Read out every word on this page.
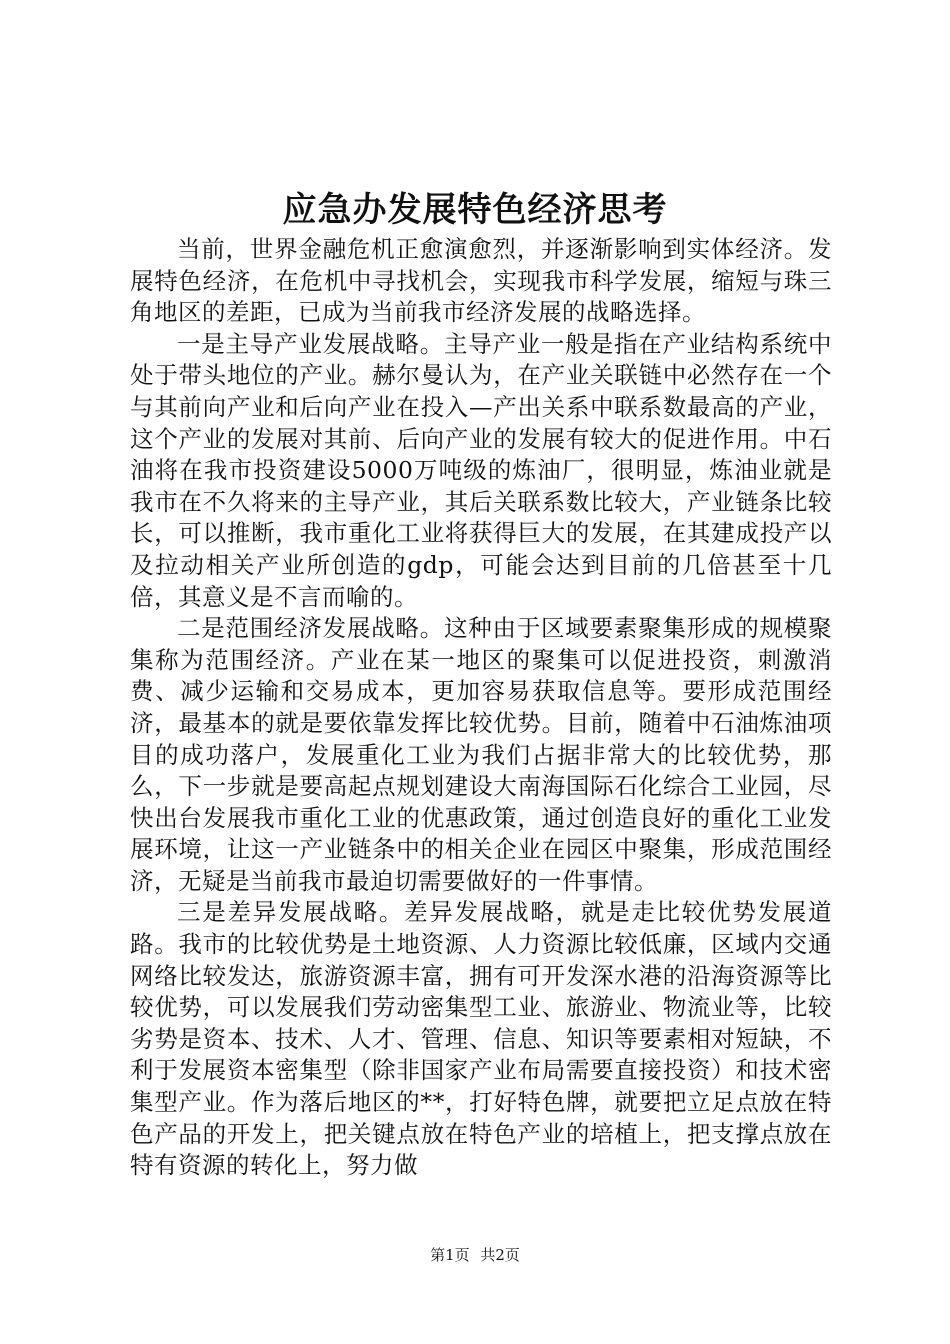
应急办发展特色经济思考

当前，世界金融危机正愈演愈烈，并逐渐影响到实体经济。发展特色经济，在危机中寻找机会，实现我市科学发展，缩短与珠三角地区的差距，已成为当前我市经济发展的战略选择。

一是主导产业发展战略。主导产业一般是指在产业结构系统中处于带头地位的产业。赫尔曼认为，在产业关联链中必然存在一个与其前向产业和后向产业在投入—产出关系中联系数最高的产业，这个产业的发展对其前、后向产业的发展有较大的促进作用。中石油将在我市投资建设5000万吨级的炼油厂，很明显，炼油业就是我市在不久将来的主导产业，其后关联系数比较大，产业链条比较长，可以推断，我市重化工业将获得巨大的发展，在其建成投产以及拉动相关产业所创造的gdp，可能会达到目前的几倍甚至十几倍，其意义是不言而喻的。

二是范围经济发展战略。这种由于区域要素聚集形成的规模聚集称为范围经济。产业在某一地区的聚集可以促进投资，刺激消费、减少运输和交易成本，更加容易获取信息等。要形成范围经济，最基本的就是要依靠发挥比较优势。目前，随着中石油炼油项目的成功落户，发展重化工业为我们占据非常大的比较优势，那么，下一步就是要高起点规划建设大南海国际石化综合工业园，尽快出台发展我市重化工业的优惠政策，通过创造良好的重化工业发展环境，让这一产业链条中的相关企业在园区中聚集，形成范围经济，无疑是当前我市最迫切需要做好的一件事情。

三是差异发展战略。差异发展战略，就是走比较优势发展道路。我市的比较优势是土地资源、人力资源比较低廉，区域内交通网络比较发达，旅游资源丰富，拥有可开发深水港的沿海资源等比较优势，可以发展我们劳动密集型工业、旅游业、物流业等，比较劣势是资本、技术、人才、管理、信息、知识等要素相对短缺，不利于发展资本密集型（除非国家产业布局需要直接投资）和技术密集型产业。作为落后地区的**，打好特色牌，就要把立足点放在特色产品的开发上，把关键点放在特色产业的培植上，把支撑点放在特有资源的转化上，努力做

第1页 共2页
